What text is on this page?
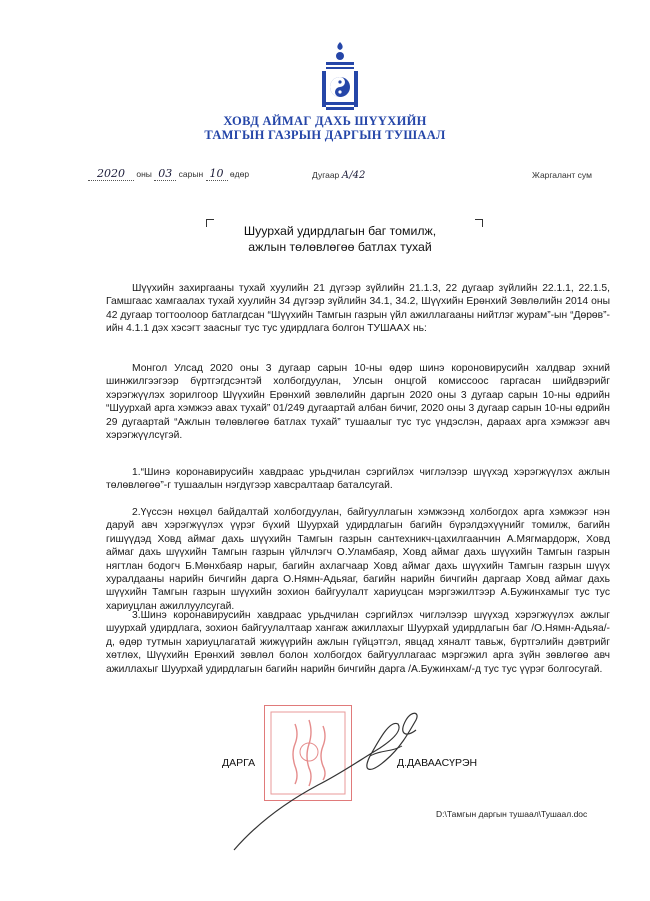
ХОВД АЙМАГ ДАХЬ ШҮҮХИЙН
ТАМГЫН ГАЗРЫН ДАРГЫН ТУШААЛ
2020 оны 03 сарын 10 өдөр	Дугаар А/42	Жаргалант сум
Шуурхай удирдлагын баг томилж,
ажлын төлөвлөгөө батлах тухай

Шүүхийн захиргааны тухай хуулийн 21 дүгээр зүйлийн 21.1.3, 22 дугаар зүйлийн 22.1.1, 22.1.5, Гамшгаас хамгаалах тухай хуулийн 34 дүгээр зүйлийн 34.1, 34.2, Шүүхийн Ерөнхий Зөвлөлийн 2014 оны 42 дугаар тогтоолоор батлагдсан “Шүүхийн Тамгын газрын үйл ажиллагааны нийтлэг журам”-ын “Дөрөв”-ийн 4.1.1 дэх хэсэгт заасныг тус тус удирдлага болгон ТУШААХ нь:

Монгол Улсад 2020 оны 3 дугаар сарын 10-ны өдөр шинэ короновирусийн халдвар эхний шинжилгээгээр бүртгэгдсэнтэй холбогдуулан, Улсын онцгой комиссоос гаргасан шийдвэрийг хэрэгжүүлэх зорилгоор Шүүхийн Ерөнхий зөвлөлийн даргын 2020 оны 3 дугаар сарын 10-ны өдрийн “Шуурхай арга хэмжээ авах тухай” 01/249 дугаартай албан бичиг, 2020 оны 3 дугаар сарын 10-ны өдрийн 29 дугаартай “Ажлын төлөвлөгөө батлах тухай” тушаалыг тус тус үндэслэн, дараах арга хэмжээг авч хэрэгжүүлсүгэй.

1.“Шинэ коронавирусийн хавдраас урьдчилан сэргийлэх чиглэлээр шүүхэд хэрэгжүүлэх ажлын төлөвлөгөө”-г тушаалын нэгдүгээр хавсралтаар баталсугай.

2.Үүссэн нөхцөл байдалтай холбогдуулан, байгууллагын хэмжээнд холбогдох арга хэмжээг нэн даруй авч хэрэгжүүлэх үүрэг бүхий Шуурхай удирдлагын багийн бүрэлдэхүүнийг томилж, багийн гишүүдэд Ховд аймаг дахь шүүхийн Тамгын газрын сантехникч-цахилгаанчин А.Мягмардорж, Ховд аймаг дахь шүүхийн Тамгын газрын үйлчлэгч О.Уламбаяр, Ховд аймаг дахь шүүхийн Тамгын газрын нягтлан бодогч Б.Мөнхбаяр нарыг, багийн ахлагчаар Ховд аймаг дахь шүүхийн Тамгын газрын шүүх хуралдааны нарийн бичгийн дарга О.Нямн-Адьяаг, багийн нарийн бичгийн даргаар Ховд аймаг дахь шүүхийн Тамгын газрын шүүхийн зохион байгуулалт хариуцсан мэргэжилтээр А.Бужинхамыг тус тус хариуцлан ажиллуулсугай.

3.Шинэ коронавирусийн хавдраас урьдчилан сэргийлэх чиглэлээр шүүхэд хэрэгжүүлэх ажлыг шуурхай удирдлага, зохион байгуулалтаар хангаж ажиллахыг Шуурхай удирдлагын баг /О.Нямн-Адьяа/-д, өдөр тутмын хариуцлагатай жижүүрийн ажлын гүйцэтгэл, явцад хяналт тавьж, бүртгэлийн дэвтрийг хөтлөх, Шүүхийн Ерөнхий зөвлөл болон холбогдох байгууллагаас мэргэжил арга зүйн зөвлөгөө авч ажиллахыг Шуурхай удирдлагын багийн нарийн бичгийн дарга /А.Бужинхам/-д тус тус үүрэг болгосугай.

ДАРГА	Д.ДАВААСҮРЭН
D:\Тамгын даргын тушаал\Тушаал.doc
